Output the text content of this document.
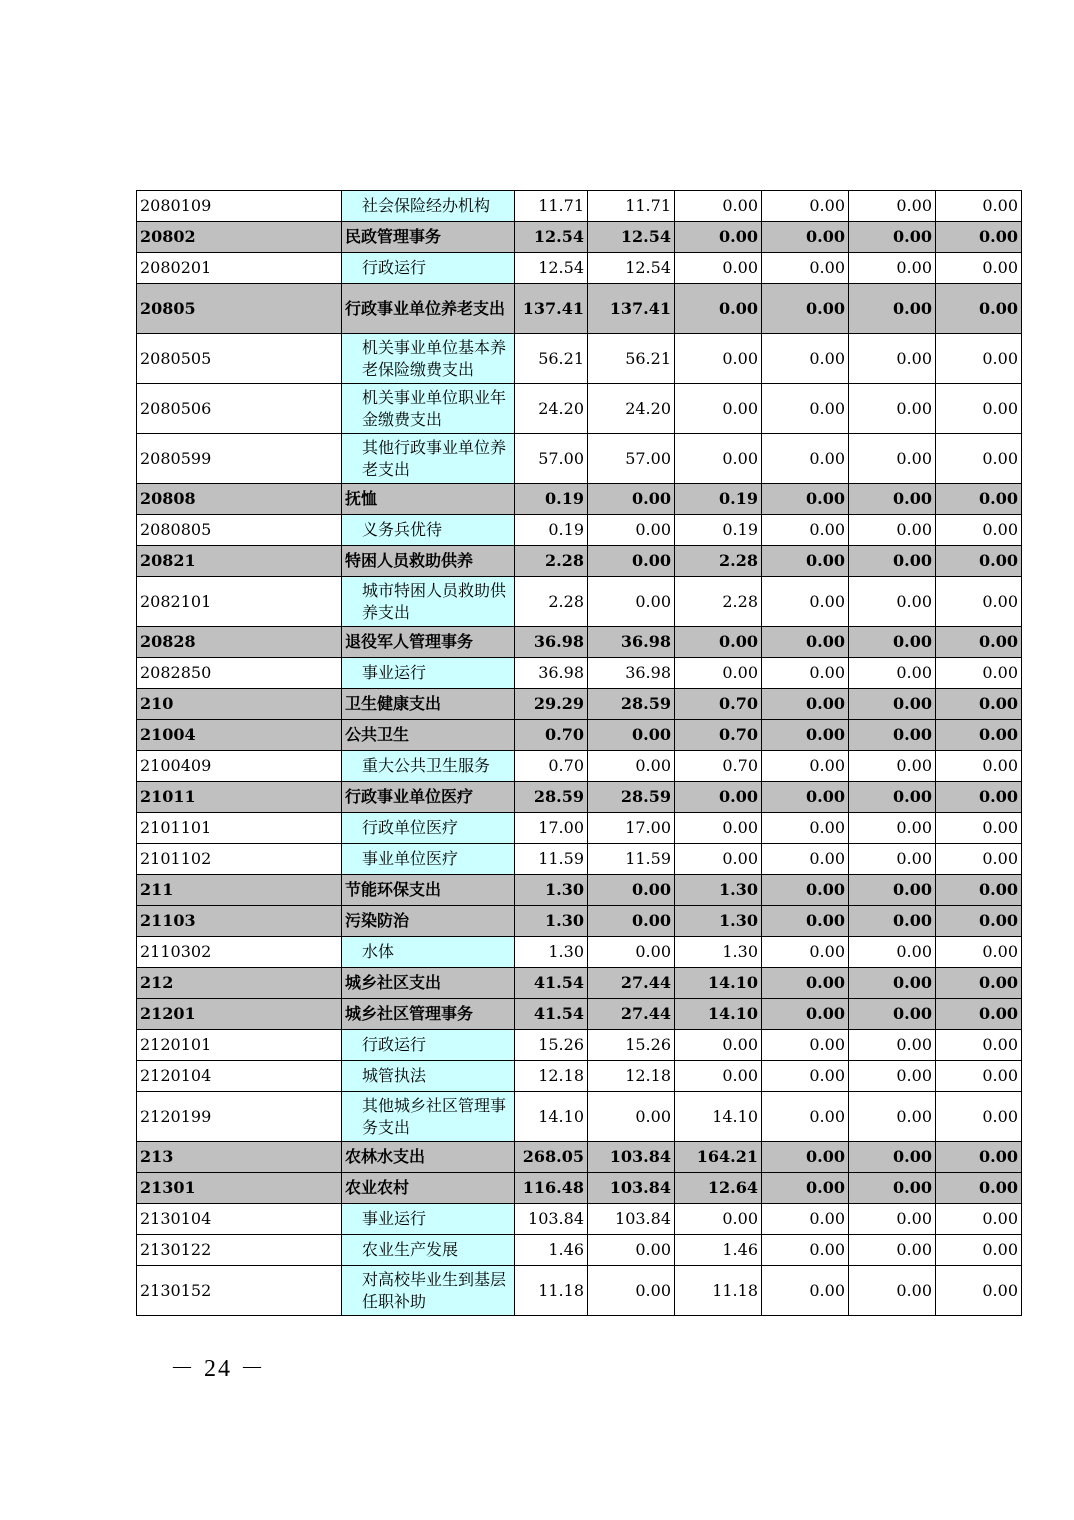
2080109	社会保险经办机构	11.71	11.71	0.00	0.00	0.00	0.00
20802	民政管理事务	12.54	12.54	0.00	0.00	0.00	0.00
2080201	行政运行	12.54	12.54	0.00	0.00	0.00	0.00
20805	行政事业单位养老支出	137.41	137.41	0.00	0.00	0.00	0.00
2080505	机关事业单位基本养老保险缴费支出	56.21	56.21	0.00	0.00	0.00	0.00
2080506	机关事业单位职业年金缴费支出	24.20	24.20	0.00	0.00	0.00	0.00
2080599	其他行政事业单位养老支出	57.00	57.00	0.00	0.00	0.00	0.00
20808	抚恤	0.19	0.00	0.19	0.00	0.00	0.00
2080805	义务兵优待	0.19	0.00	0.19	0.00	0.00	0.00
20821	特困人员救助供养	2.28	0.00	2.28	0.00	0.00	0.00
2082101	城市特困人员救助供养支出	2.28	0.00	2.28	0.00	0.00	0.00
20828	退役军人管理事务	36.98	36.98	0.00	0.00	0.00	0.00
2082850	事业运行	36.98	36.98	0.00	0.00	0.00	0.00
210	卫生健康支出	29.29	28.59	0.70	0.00	0.00	0.00
21004	公共卫生	0.70	0.00	0.70	0.00	0.00	0.00
2100409	重大公共卫生服务	0.70	0.00	0.70	0.00	0.00	0.00
21011	行政事业单位医疗	28.59	28.59	0.00	0.00	0.00	0.00
2101101	行政单位医疗	17.00	17.00	0.00	0.00	0.00	0.00
2101102	事业单位医疗	11.59	11.59	0.00	0.00	0.00	0.00
211	节能环保支出	1.30	0.00	1.30	0.00	0.00	0.00
21103	污染防治	1.30	0.00	1.30	0.00	0.00	0.00
2110302	水体	1.30	0.00	1.30	0.00	0.00	0.00
212	城乡社区支出	41.54	27.44	14.10	0.00	0.00	0.00
21201	城乡社区管理事务	41.54	27.44	14.10	0.00	0.00	0.00
2120101	行政运行	15.26	15.26	0.00	0.00	0.00	0.00
2120104	城管执法	12.18	12.18	0.00	0.00	0.00	0.00
2120199	其他城乡社区管理事务支出	14.10	0.00	14.10	0.00	0.00	0.00
213	农林水支出	268.05	103.84	164.21	0.00	0.00	0.00
21301	农业农村	116.48	103.84	12.64	0.00	0.00	0.00
2130104	事业运行	103.84	103.84	0.00	0.00	0.00	0.00
2130122	农业生产发展	1.46	0.00	1.46	0.00	0.00	0.00
2130152	对高校毕业生到基层任职补助	11.18	0.00	11.18	0.00	0.00	0.00
－ 24 －
